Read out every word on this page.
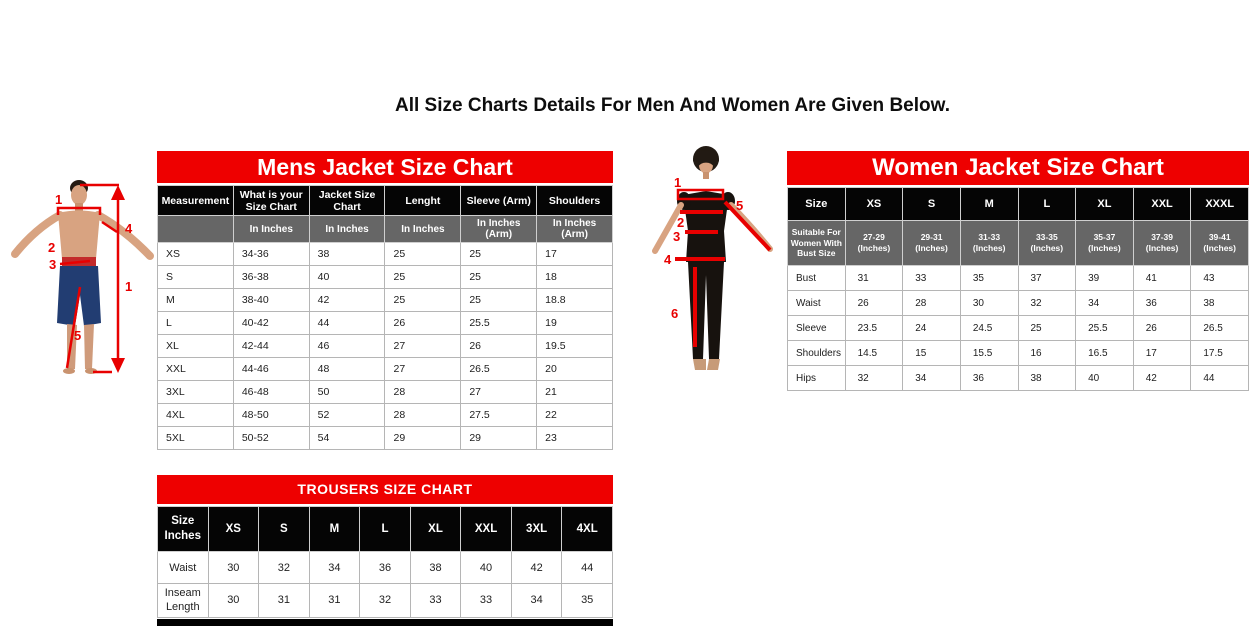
All Size Charts Details For Men And Women Are Given Below.
1
2
3
4
1
5
1
2
3
4
5
6
Mens Jacket Size Chart
Measurement	What is your Size Chart	Jacket Size Chart	Lenght	Sleeve (Arm)	Shoulders
	In Inches	In Inches	In Inches	In Inches (Arm)	In Inches (Arm)
XS	34-36	38	25	25	17
S	36-38	40	25	25	18
M	38-40	42	25	25	18.8
L	40-42	44	26	25.5	19
XL	42-44	46	27	26	19.5
XXL	44-46	48	27	26.5	20
3XL	46-48	50	28	27	21
4XL	48-50	52	28	27.5	22
5XL	50-52	54	29	29	23
Women Jacket Size Chart
Size	XS	S	M	L	XL	XXL	XXXL
Suitable For Women With Bust Size	27-29 (Inches)	29-31 (Inches)	31-33 (Inches)	33-35 (Inches)	35-37 (Inches)	37-39 (Inches)	39-41 (Inches)
Bust	31	33	35	37	39	41	43
Waist	26	28	30	32	34	36	38
Sleeve	23.5	24	24.5	25	25.5	26	26.5
Shoulders	14.5	15	15.5	16	16.5	17	17.5
Hips	32	34	36	38	40	42	44
TROUSERS SIZE CHART
Size Inches	XS	S	M	L	XL	XXL	3XL	4XL
Waist	30	32	34	36	38	40	42	44
Inseam Length	30	31	31	32	33	33	34	35
